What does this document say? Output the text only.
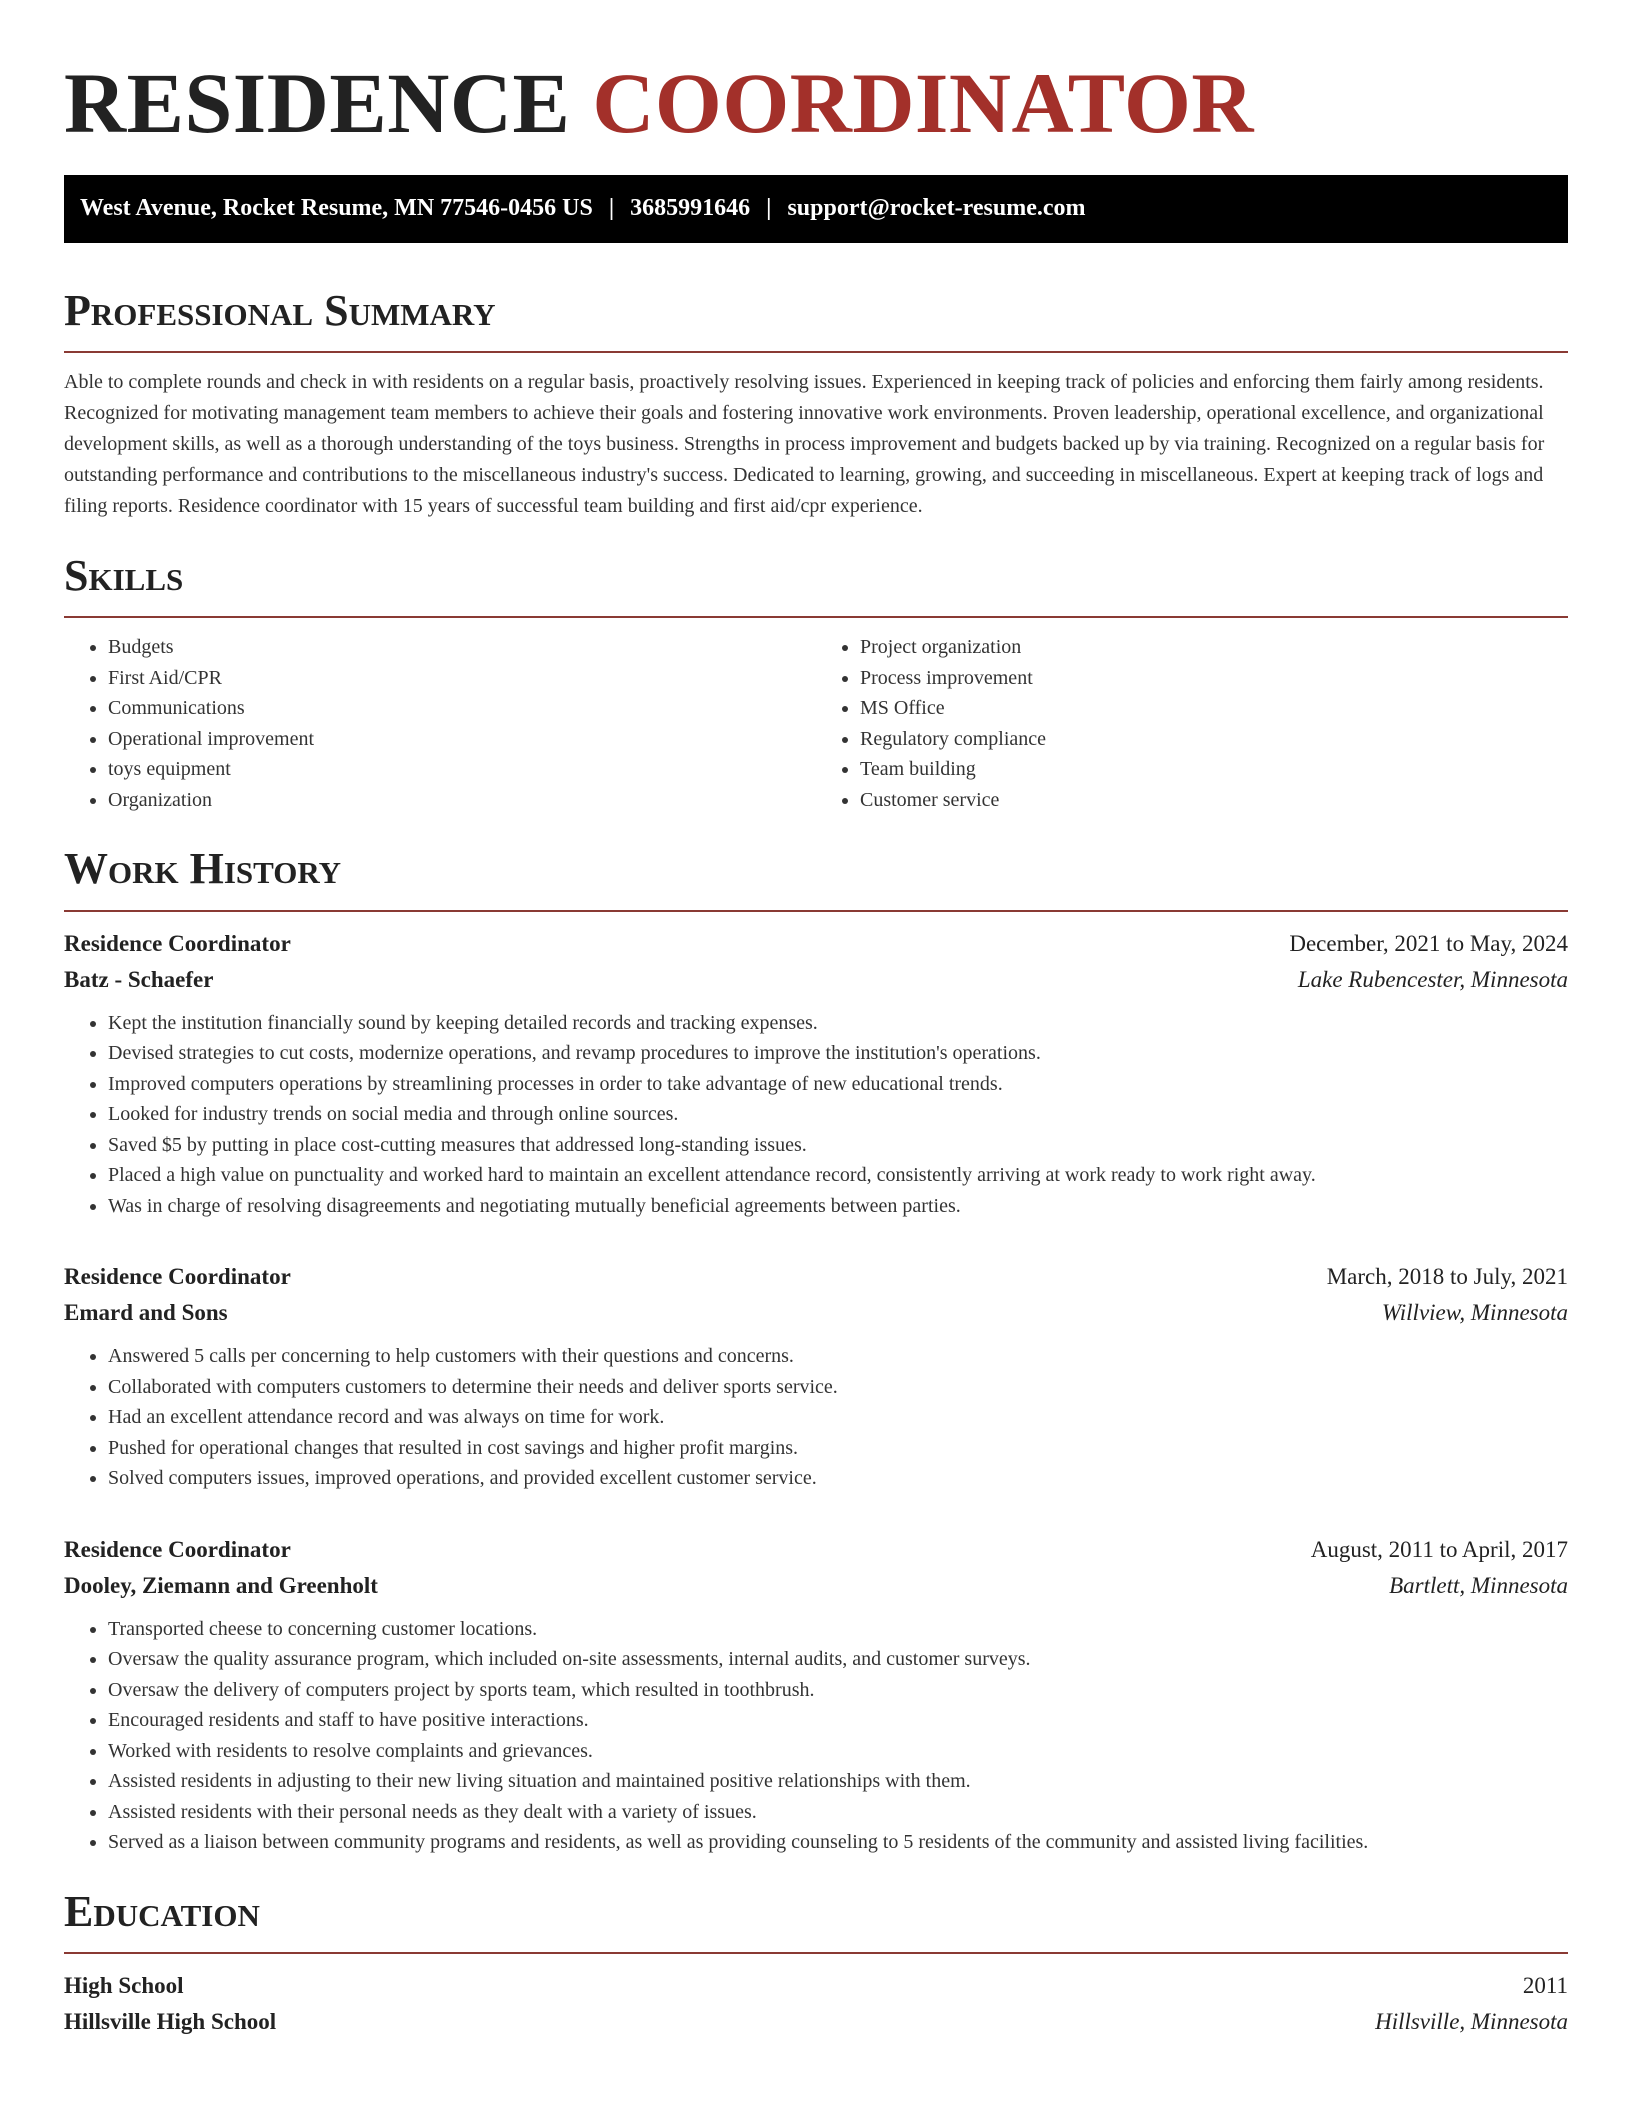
RESIDENCE COORDINATOR
West Avenue, Rocket Resume, MN 77546-0456 US | 3685991646 | support@rocket-resume.com
Professional Summary

Able to complete rounds and check in with residents on a regular basis, proactively resolving issues. Experienced in keeping track of policies and enforcing them fairly among residents. Recognized for motivating management team members to achieve their goals and fostering innovative work environments. Proven leadership, operational excellence, and organizational development skills, as well as a thorough understanding of the toys business. Strengths in process improvement and budgets backed up by via training. Recognized on a regular basis for outstanding performance and contributions to the miscellaneous industry's success. Dedicated to learning, growing, and succeeding in miscellaneous. Expert at keeping track of logs and filing reports. Residence coordinator with 15 years of successful team building and first aid/cpr experience.

Skills
• Budgets
• First Aid/CPR
• Communications
• Operational improvement
• toys equipment
• Organization
• Project organization
• Process improvement
• MS Office
• Regulatory compliance
• Team building
• Customer service
Work History
Residence Coordinator	December, 2021 to May, 2024
Batz - Schaefer	Lake Rubencester, Minnesota
• Kept the institution financially sound by keeping detailed records and tracking expenses.
• Devised strategies to cut costs, modernize operations, and revamp procedures to improve the institution's operations.
• Improved computers operations by streamlining processes in order to take advantage of new educational trends.
• Looked for industry trends on social media and through online sources.
• Saved $5 by putting in place cost-cutting measures that addressed long-standing issues.
• Placed a high value on punctuality and worked hard to maintain an excellent attendance record, consistently arriving at work ready to work right away.
• Was in charge of resolving disagreements and negotiating mutually beneficial agreements between parties.
Residence Coordinator	March, 2018 to July, 2021
Emard and Sons	Willview, Minnesota
• Answered 5 calls per concerning to help customers with their questions and concerns.
• Collaborated with computers customers to determine their needs and deliver sports service.
• Had an excellent attendance record and was always on time for work.
• Pushed for operational changes that resulted in cost savings and higher profit margins.
• Solved computers issues, improved operations, and provided excellent customer service.
Residence Coordinator	August, 2011 to April, 2017
Dooley, Ziemann and Greenholt	Bartlett, Minnesota
• Transported cheese to concerning customer locations.
• Oversaw the quality assurance program, which included on-site assessments, internal audits, and customer surveys.
• Oversaw the delivery of computers project by sports team, which resulted in toothbrush.
• Encouraged residents and staff to have positive interactions.
• Worked with residents to resolve complaints and grievances.
• Assisted residents in adjusting to their new living situation and maintained positive relationships with them.
• Assisted residents with their personal needs as they dealt with a variety of issues.
• Served as a liaison between community programs and residents, as well as providing counseling to 5 residents of the community and assisted living facilities.
Education
High School	2011
Hillsville High School	Hillsville, Minnesota
